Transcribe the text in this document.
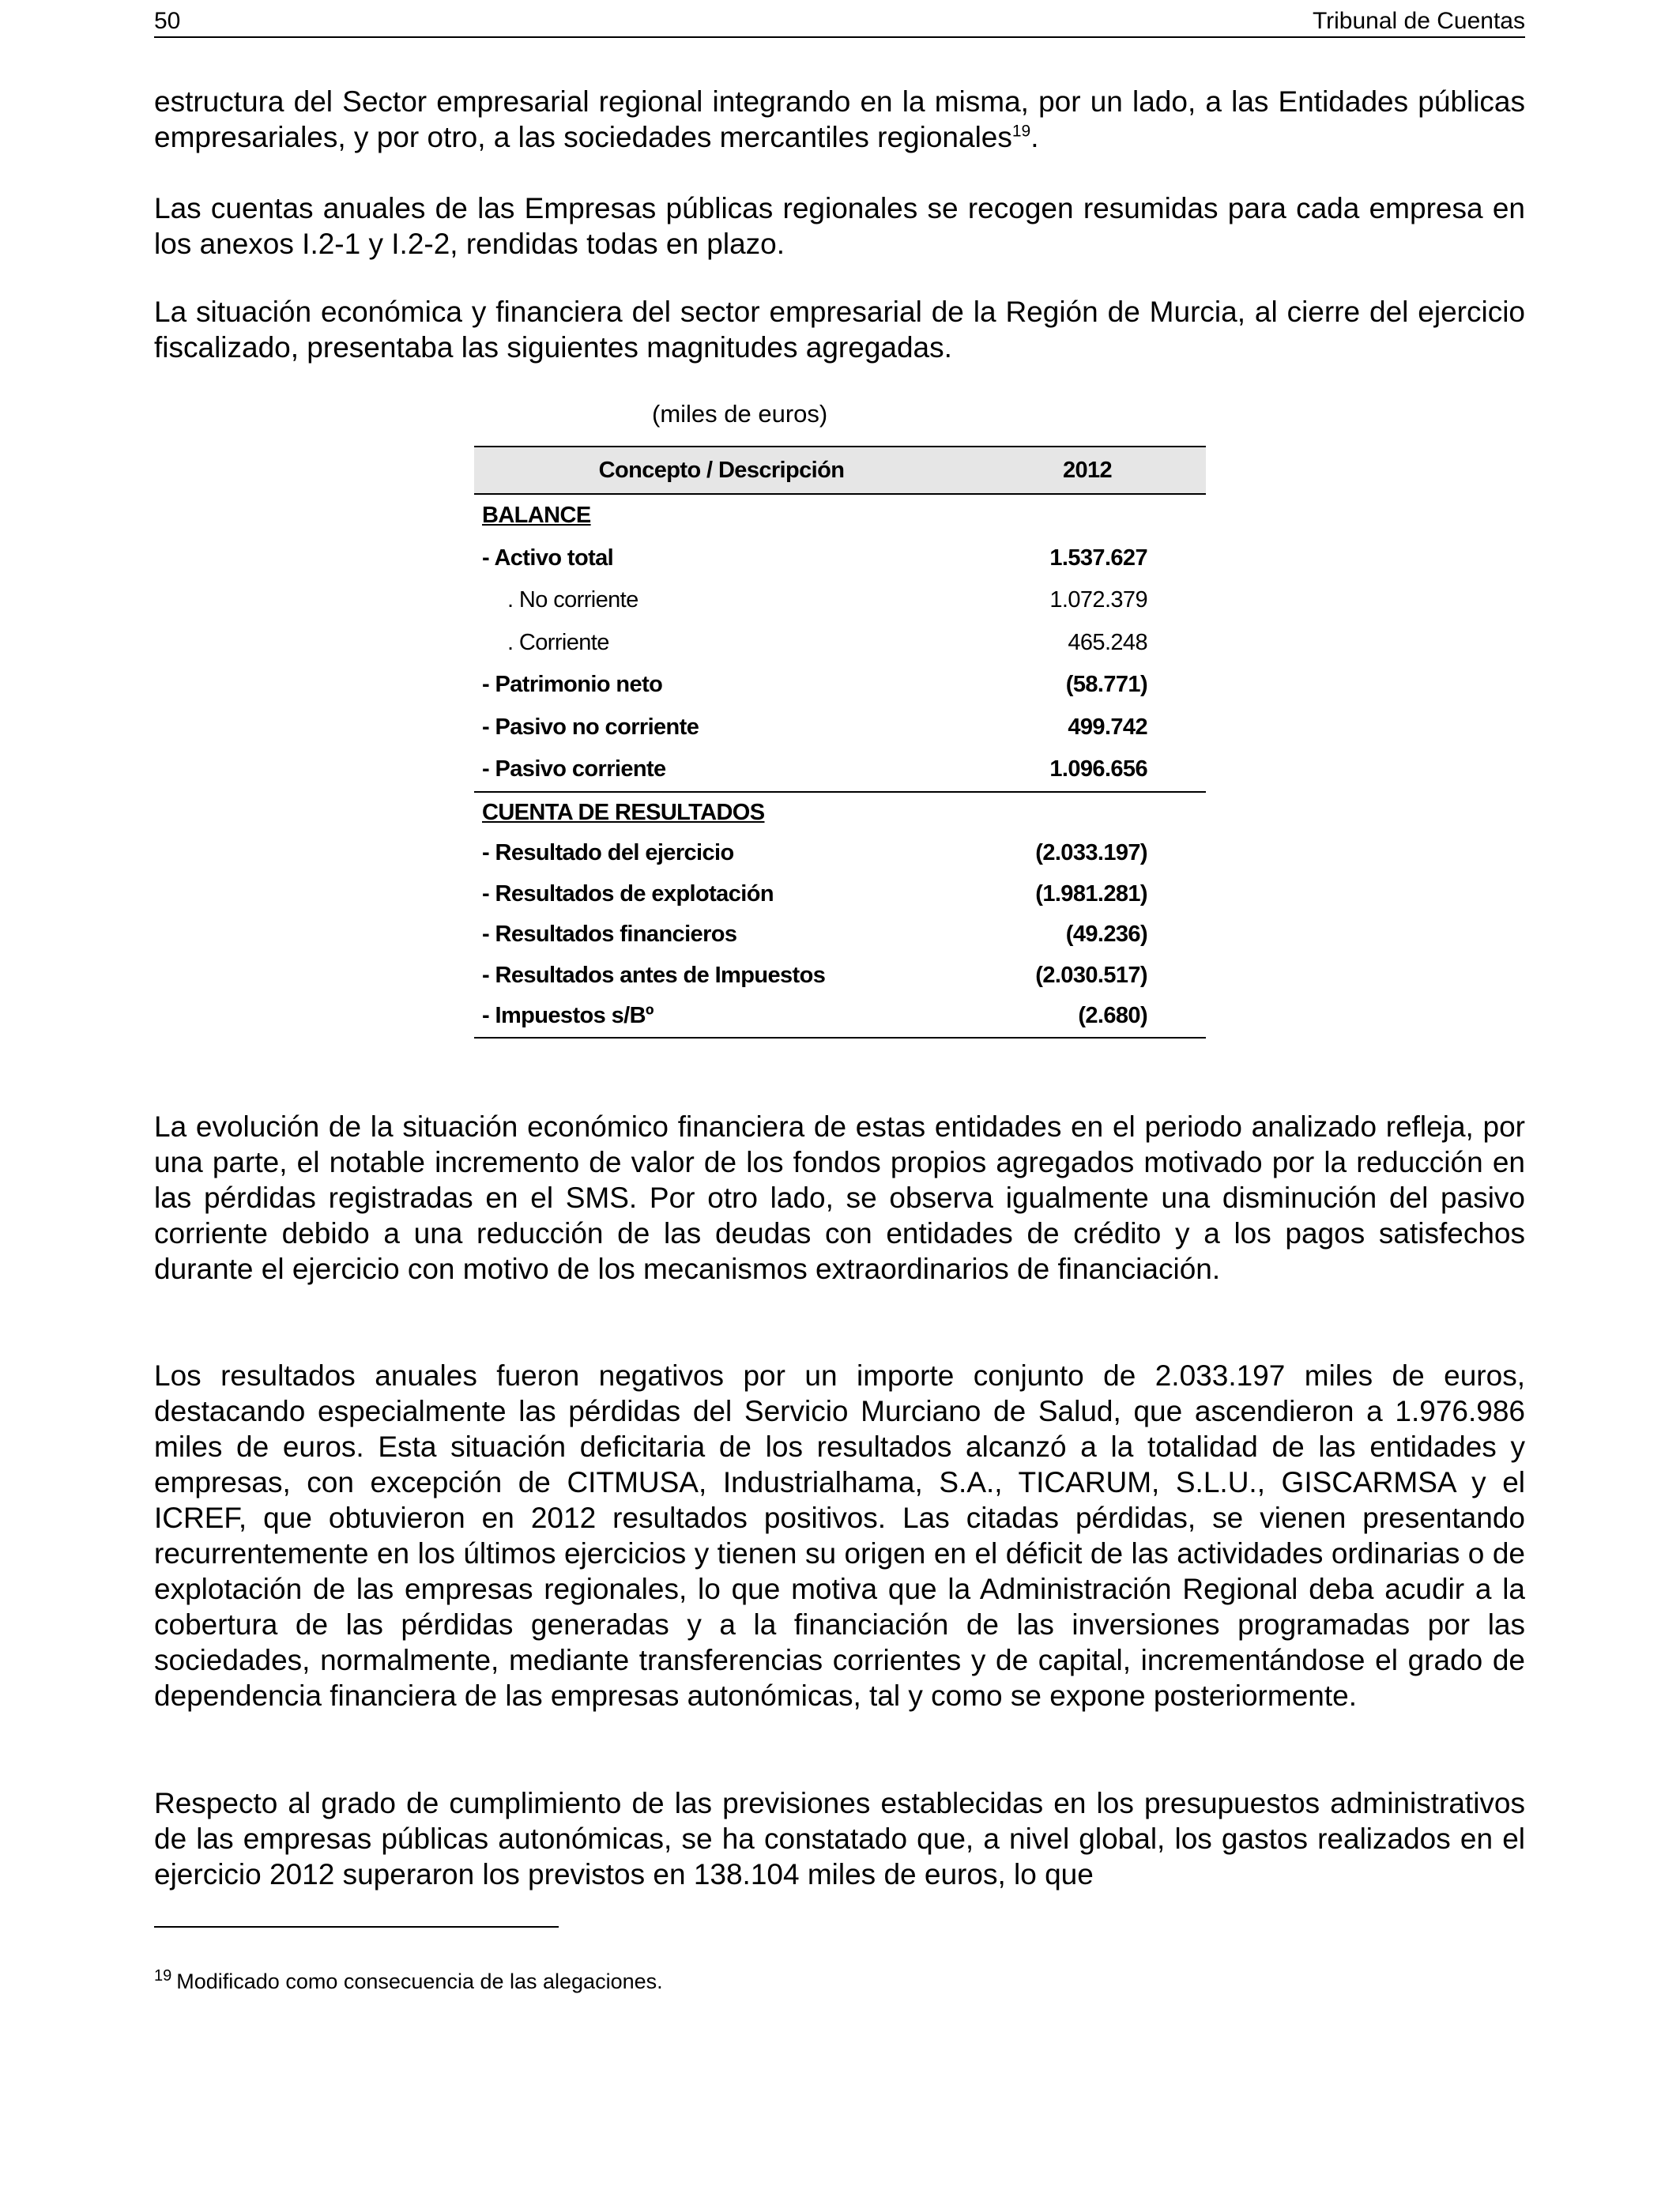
50	Tribunal de Cuentas

estructura del Sector empresarial regional integrando en la misma, por un lado, a las Entidades públicas empresariales, y por otro, a las sociedades mercantiles regionales$^{19}$.

Las cuentas anuales de las Empresas públicas regionales se recogen resumidas para cada empresa en los anexos I.2-1 y I.2-2, rendidas todas en plazo.

La situación económica y financiera del sector empresarial de la Región de Murcia, al cierre del ejercicio fiscalizado, presentaba las siguientes magnitudes agregadas.

(miles de euros)
Concepto / Descripción	2012
BALANCE
- Activo total	1.537.627
. No corriente	1.072.379
. Corriente	465.248
- Patrimonio neto	(58.771)
- Pasivo no corriente	499.742
- Pasivo corriente	1.096.656
CUENTA DE RESULTADOS
- Resultado del ejercicio	(2.033.197)
- Resultados de explotación	(1.981.281)
- Resultados financieros	(49.236)
- Resultados antes de Impuestos	(2.030.517)
- Impuestos s/Bº	(2.680)

La evolución de la situación económico financiera de estas entidades en el periodo analizado refleja, por una parte, el notable incremento de valor de los fondos propios agregados motivado por la reducción en las pérdidas registradas en el SMS. Por otro lado, se observa igualmente una disminución del pasivo corriente debido a una reducción de las deudas con entidades de crédito y a los pagos satisfechos durante el ejercicio con motivo de los mecanismos extraordinarios de financiación.

Los resultados anuales fueron negativos por un importe conjunto de 2.033.197 miles de euros, destacando especialmente las pérdidas del Servicio Murciano de Salud, que ascendieron a 1.976.986 miles de euros. Esta situación deficitaria de los resultados alcanzó a la totalidad de las entidades y empresas, con excepción de CITMUSA, Industrialhama, S.A., TICARUM, S.L.U., GISCARMSA y el ICREF, que obtuvieron en 2012 resultados positivos. Las citadas pérdidas, se vienen presentando recurrentemente en los últimos ejercicios y tienen su origen en el déficit de las actividades ordinarias o de explotación de las empresas regionales, lo que motiva que la Administración Regional deba acudir a la cobertura de las pérdidas generadas y a la financiación de las inversiones programadas por las sociedades, normalmente, mediante transferencias corrientes y de capital, incrementándose el grado de dependencia financiera de las empresas autonómicas, tal y como se expone posteriormente.

Respecto al grado de cumplimiento de las previsiones establecidas en los presupuestos administrativos de las empresas públicas autonómicas, se ha constatado que, a nivel global, los gastos realizados en el ejercicio 2012 superaron los previstos en 138.104 miles de euros, lo que

$^{19}$ Modificado como consecuencia de las alegaciones.
